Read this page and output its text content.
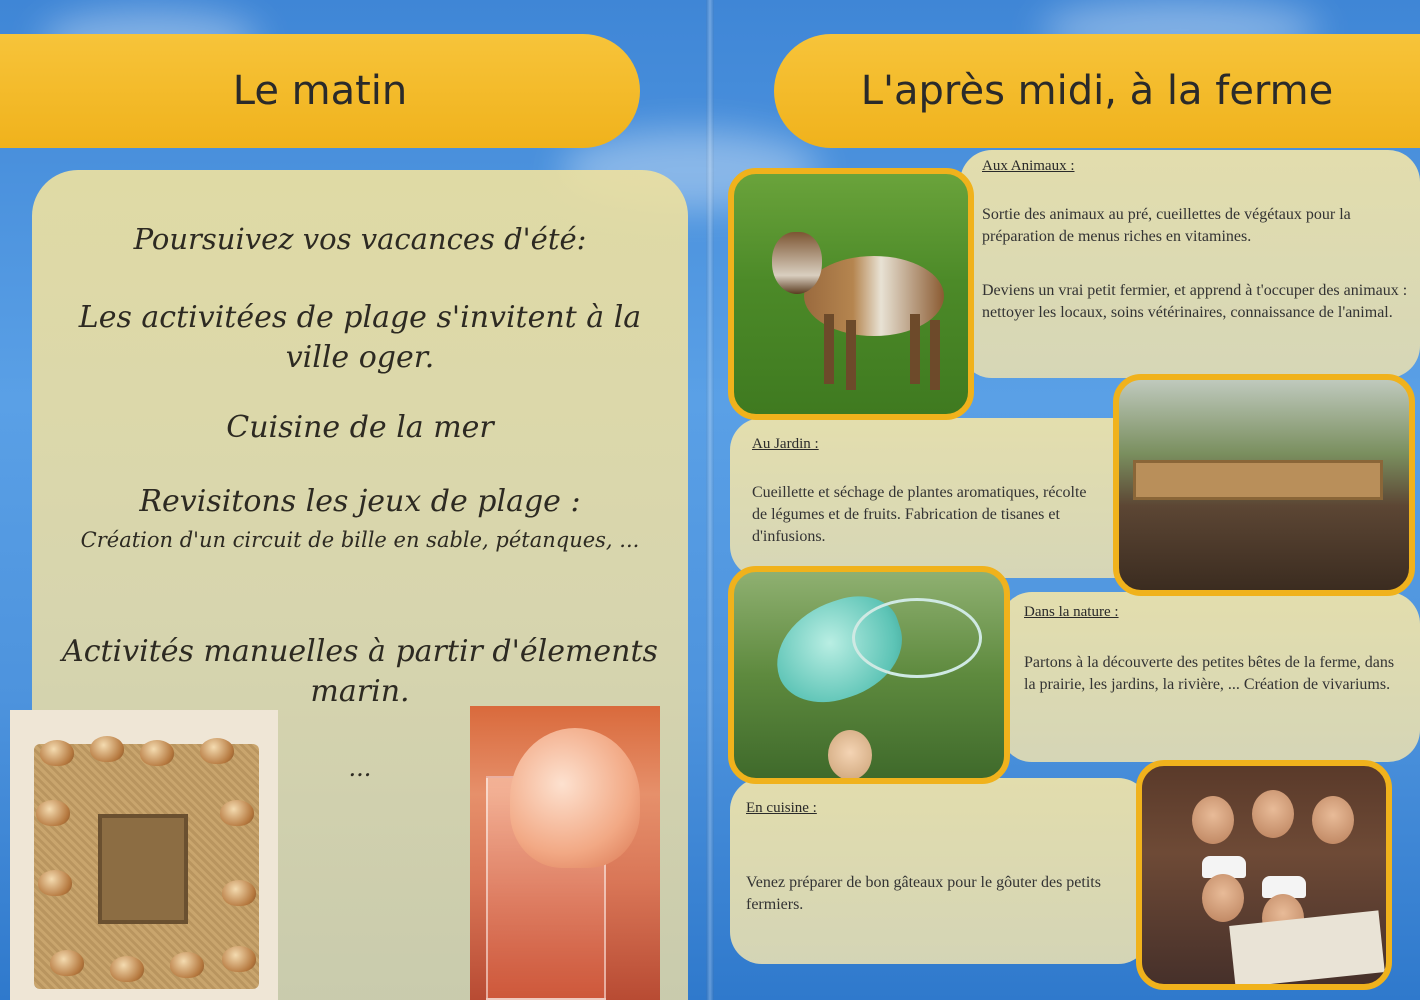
Le matin
Poursuivez vos vacances d'été:
Les activitées de plage s'invitent à la ville oger.
Cuisine de la mer
Revisitons les jeux de plage :
Création d'un circuit de bille en sable, pétanques, ...
Activités manuelles à partir d'élements marin.
...
L'après midi, à la ferme
Aux Animaux :
Sortie des animaux au pré, cueillettes de végétaux pour la préparation de menus riches en vitamines.
Deviens un vrai petit fermier, et apprend à t'occuper des animaux : nettoyer les locaux, soins vétérinaires, connaissance de l'animal.
Au Jardin :
Cueillette et séchage de plantes aromatiques, récolte de légumes et de fruits. Fabrication de tisanes et d'infusions.
Dans la nature :
Partons à la découverte des petites bêtes de la ferme, dans la prairie, les jardins, la rivière, ... Création de vivariums.
En cuisine :
Venez préparer de bon gâteaux pour le gôuter des petits fermiers.
